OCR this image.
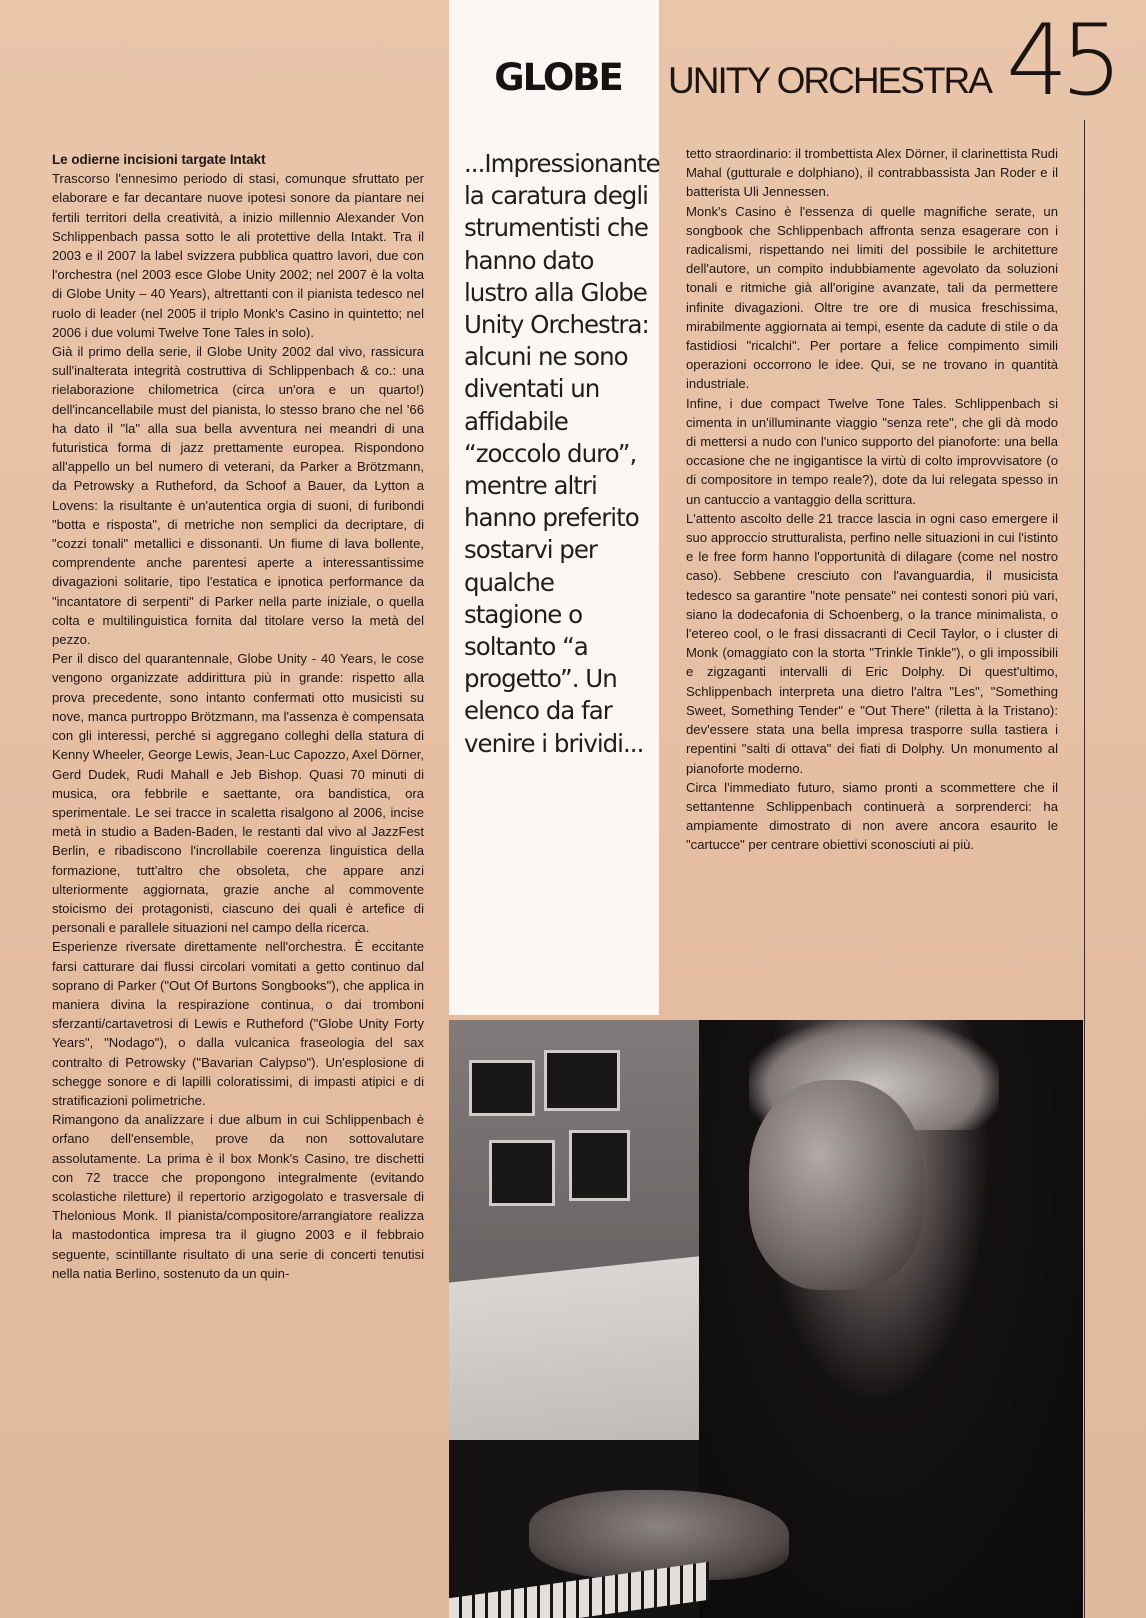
GLOBE	UNITY ORCHESTRA 45

Le odierne incisioni targate Intakt

Trascorso l'ennesimo periodo di stasi, comunque sfruttato per elaborare e far decantare nuove ipotesi sonore da piantare nei fertili territori della creatività, a inizio millennio Alexander Von Schlippenbach passa sotto le ali protettive della Intakt. Tra il 2003 e il 2007 la label svizzera pubblica quattro lavori, due con l'orchestra (nel 2003 esce Globe Unity 2002; nel 2007 è la volta di Globe Unity – 40 Years), altrettanti con il pianista tedesco nel ruolo di leader (nel 2005 il triplo Monk's Casino in quintetto; nel 2006 i due volumi Twelve Tone Tales in solo).

Già il primo della serie, il Globe Unity 2002 dal vivo, rassicura sull'inalterata integrità costruttiva di Schlippenbach & co.: una rielaborazione chilometrica (circa un'ora e un quarto!) dell'incancellabile must del pianista, lo stesso brano che nel '66 ha dato il "la" alla sua bella avventura nei meandri di una futuristica forma di jazz prettamente europea. Rispondono all'appello un bel numero di veterani, da Parker a Brötzmann, da Petrowsky a Rutheford, da Schoof a Bauer, da Lytton a Lovens: la risultante è un'autentica orgia di suoni, di furibondi "botta e risposta", di metriche non semplici da decriptare, di "cozzi tonali" metallici e dissonanti. Un fiume di lava bollente, comprendente anche parentesi aperte a interessantissime divagazioni solitarie, tipo l'estatica e ipnotica performance da "incantatore di serpenti" di Parker nella parte iniziale, o quella colta e multilinguistica fornita dal titolare verso la metà del pezzo.

Per il disco del quarantennale, Globe Unity - 40 Years, le cose vengono organizzate addirittura più in grande: rispetto alla prova precedente, sono intanto confermati otto musicisti su nove, manca purtroppo Brötzmann, ma l'assenza è compensata con gli interessi, perché si aggregano colleghi della statura di Kenny Wheeler, George Lewis, Jean-Luc Capozzo, Axel Dörner, Gerd Dudek, Rudi Mahall e Jeb Bishop. Quasi 70 minuti di musica, ora febbrile e saettante, ora bandistica, ora sperimentale. Le sei tracce in scaletta risalgono al 2006, incise metà in studio a Baden-Baden, le restanti dal vivo al JazzFest Berlin, e ribadiscono l'incrollabile coerenza linguistica della formazione, tutt'altro che obsoleta, che appare anzi ulteriormente aggiornata, grazie anche al commovente stoicismo dei protagonisti, ciascuno dei quali è artefice di personali e parallele situazioni nel campo della ricerca.

Esperienze riversate direttamente nell'orchestra. È eccitante farsi catturare dai flussi circolari vomitati a getto continuo dal soprano di Parker ("Out Of Burtons Songbooks"), che applica in maniera divina la respirazione continua, o dai tromboni sferzanti/cartavetrosi di Lewis e Rutheford ("Globe Unity Forty Years", "Nodago"), o dalla vulcanica fraseologia del sax contralto di Petrowsky ("Bavarian Calypso"). Un'esplosione di schegge sonore e di lapilli coloratissimi, di impasti atipici e di stratificazioni polimetriche.

Rimangono da analizzare i due album in cui Schlippenbach è orfano dell'ensemble, prove da non sottovalutare assolutamente. La prima è il box Monk's Casino, tre dischetti con 72 tracce che propongono integralmente (evitando scolastiche riletture) il repertorio arzigogolato e trasversale di Thelonious Monk. Il pianista/compositore/arrangiatore realizza la mastodontica impresa tra il giugno 2003 e il febbraio seguente, scintillante risultato di una serie di concerti tenutisi nella natia Berlino, sostenuto da un quin-

...Impressionante la caratura degli strumentisti che hanno dato lustro alla Globe Unity Orchestra: alcuni ne sono diventati un affidabile “zoccolo duro”, mentre altri hanno preferito sostarvi per qualche stagione o soltanto “a progetto”. Un elenco da far venire i brividi...

tetto straordinario: il trombettista Alex Dörner, il clarinettista Rudi Mahal (gutturale e dolphiano), il contrabbassista Jan Roder e il batterista Uli Jennessen.

Monk's Casino è l'essenza di quelle magnifiche serate, un songbook che Schlippenbach affronta senza esagerare con i radicalismi, rispettando nei limiti del possibile le architetture dell'autore, un compito indubbiamente agevolato da soluzioni tonali e ritmiche già all'origine avanzate, tali da permettere infinite divagazioni. Oltre tre ore di musica freschissima, mirabilmente aggiornata ai tempi, esente da cadute di stile o da fastidiosi "ricalchi". Per portare a felice compimento simili operazioni occorrono le idee. Qui, se ne trovano in quantità industriale.

Infine, i due compact Twelve Tone Tales. Schlippenbach si cimenta in un'illuminante viaggio "senza rete", che gli dà modo di mettersi a nudo con l'unico supporto del pianoforte: una bella occasione che ne ingigantisce la virtù di colto improvvisatore (o di compositore in tempo reale?), dote da lui relegata spesso in un cantuccio a vantaggio della scrittura.

L'attento ascolto delle 21 tracce lascia in ogni caso emergere il suo approccio strutturalista, perfino nelle situazioni in cui l'istinto e le free form hanno l'opportunità di dilagare (come nel nostro caso). Sebbene cresciuto con l'avanguardia, il musicista tedesco sa garantire "note pensate" nei contesti sonori più vari, siano la dodecafonia di Schoenberg, o la trance minimalista, o l'etereo cool, o le frasi dissacranti di Cecil Taylor, o i cluster di Monk (omaggiato con la storta "Trinkle Tinkle"), o gli impossibili e zigzaganti intervalli di Eric Dolphy. Di quest'ultimo, Schlippenbach interpreta una dietro l'altra "Les", "Something Sweet, Something Tender" e "Out There" (riletta à la Tristano): dev'essere stata una bella impresa trasporre sulla tastiera i repentini "salti di ottava" dei fiati di Dolphy. Un monumento al pianoforte moderno.

Circa l'immediato futuro, siamo pronti a scommettere che il settantenne Schlippenbach continuerà a sorprenderci: ha ampiamente dimostrato di non avere ancora esaurito le "cartucce" per centrare obiettivi sconosciuti ai più.
